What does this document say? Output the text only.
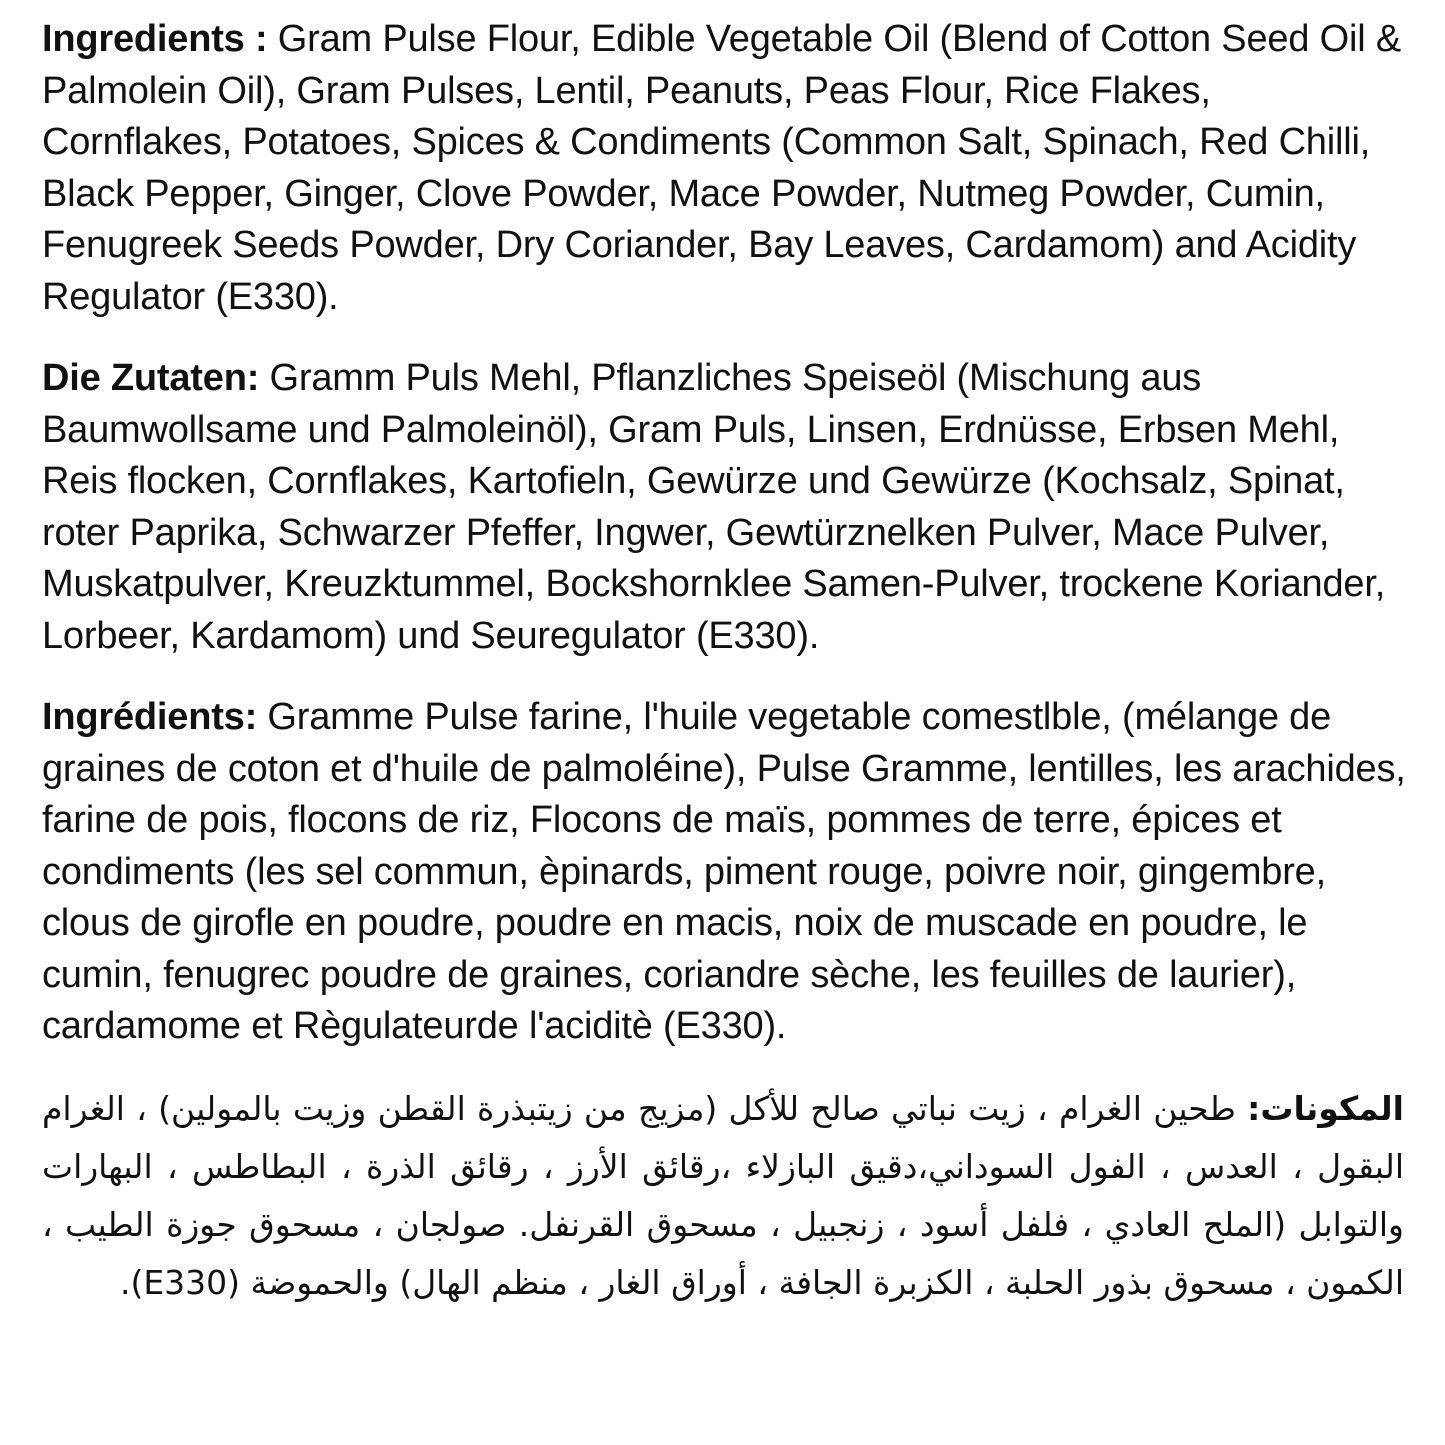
Ingredients : Gram Pulse Flour, Edible Vegetable Oil (Blend of Cotton Seed Oil & Palmolein Oil), Gram Pulses, Lentil, Peanuts, Peas Flour, Rice Flakes, Cornflakes, Potatoes, Spices & Condiments (Common Salt, Spinach, Red Chilli, Black Pepper, Ginger, Clove Powder, Mace Powder, Nutmeg Powder, Cumin, Fenugreek Seeds Powder, Dry Coriander, Bay Leaves, Cardamom) and Acidity Regulator (E330).

Die Zutaten: Gramm Puls Mehl, Pflanzliches Speiseöl (Mischung aus Baumwollsame und Palmoleinöl), Gram Puls, Linsen, Erdnüsse, Erbsen Mehl, Reis flocken, Cornflakes, Kartofieln, Gewürze und Gewürze (Kochsalz, Spinat, roter Paprika, Schwarzer Pfeffer, Ingwer, Gewtürznelken Pulver, Mace Pulver, Muskatpulver, Kreuzktummel, Bockshornklee Samen-Pulver, trockene Koriander, Lorbeer, Kardamom) und Seuregulator (E330).

Ingrédients: Gramme Pulse farine, l'huile vegetable comestlble, (mélange de graines de coton et d'huile de palmoléine), Pulse Gramme, lentilles, les arachides, farine de pois, flocons de riz, Flocons de maïs, pommes de terre, épices et condiments (les sel commun, èpinards, piment rouge, poivre noir, gingembre, clous de girofle en poudre, poudre en macis, noix de muscade en poudre, le cumin, fenugrec poudre de graines, coriandre sèche, les feuilles de laurier), cardamome et Règulateurde l'aciditè (E330).

المكونات: طحين الغرام ، زيت نباتي صالح للأكل (مزيج من زيتبذرة القطن وزيت بالمولين) ، الغرام البقول ، العدس ، الفول السوداني،دقيق البازلاء ،رقائق الأرز ، رقائق الذرة ، البطاطس ، البهارات والتوابل (الملح العادي ، فلفل أسود ، زنجبيل ، مسحوق القرنفل. صولجان ، مسحوق جوزة الطيب ، الكمون ، مسحوق بذور الحلبة ، الكزبرة الجافة ، أوراق الغار ، منظم الهال) والحموضة (E330).
